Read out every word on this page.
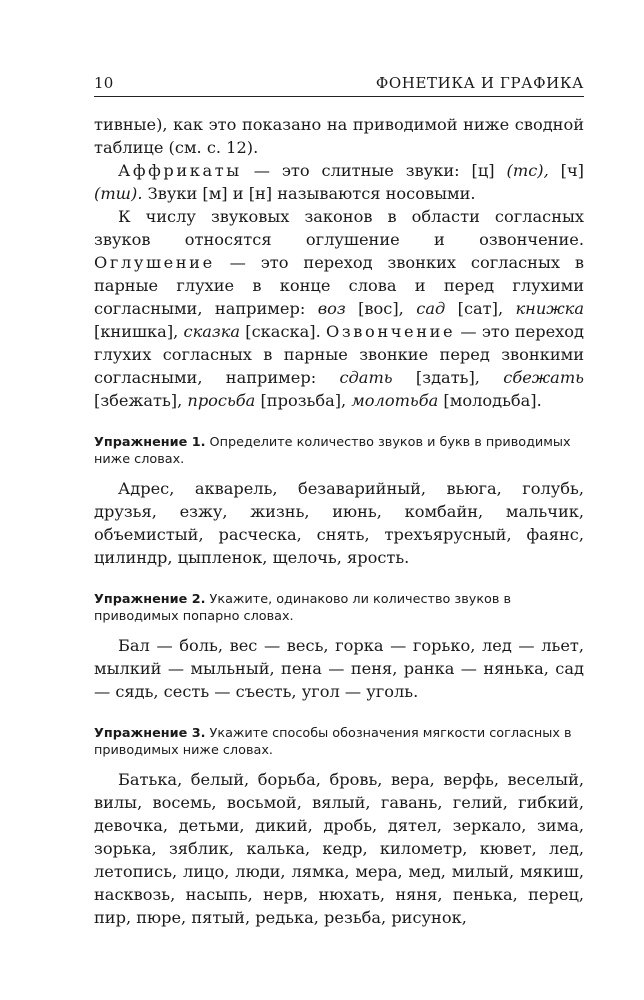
10	ФОНЕТИКА И ГРАФИКА

тивные), как это показано на приводимой ниже сводной таблице (см. с. 12).

Аффрикаты — это слитные звуки: [ц] (тс), [ч] (тш). Звуки [м] и [н] называются носовыми.

К числу звуковых законов в области согласных звуков относятся оглушение и озвончение. Оглушение — это переход звонких согласных в парные глухие в конце слова и перед глухими согласными, например: воз [вос], сад [сат], книжка [книшка], сказка [скаска]. Озвончение — это переход глухих согласных в парные звонкие перед звонкими согласными, например: сдать [здать], сбежать [збежать], просьба [прозьба], молотьба [молодьба].

Упражнение 1. Определите количество звуков и букв в приводимых ниже словах.

Адрес, акварель, безаварийный, вьюга, голубь, друзья, езжу, жизнь, июнь, комбайн, мальчик, объемистый, расческа, снять, трехъярусный, фаянс, цилиндр, цыпленок, щелочь, ярость.

Упражнение 2. Укажите, одинаково ли количество звуков в приводимых попарно словах.

Бал — боль, вес — весь, горка — горько, лед — льет, мылкий — мыльный, пена — пеня, ранка — нянька, сад — сядь, сесть — съесть, угол — уголь.

Упражнение 3. Укажите способы обозначения мягкости согласных в приводимых ниже словах.

Батька, белый, борьба, бровь, вера, верфь, веселый, вилы, восемь, восьмой, вялый, гавань, гелий, гибкий, девочка, детьми, дикий, дробь, дятел, зеркало, зима, зорька, зяблик, калька, кедр, километр, кювет, лед, летопись, лицо, люди, лямка, мера, мед, милый, мякиш, насквозь, насыпь, нерв, нюхать, няня, пенька, перец, пир, пюре, пятый, редька, резьба, рисунок,
